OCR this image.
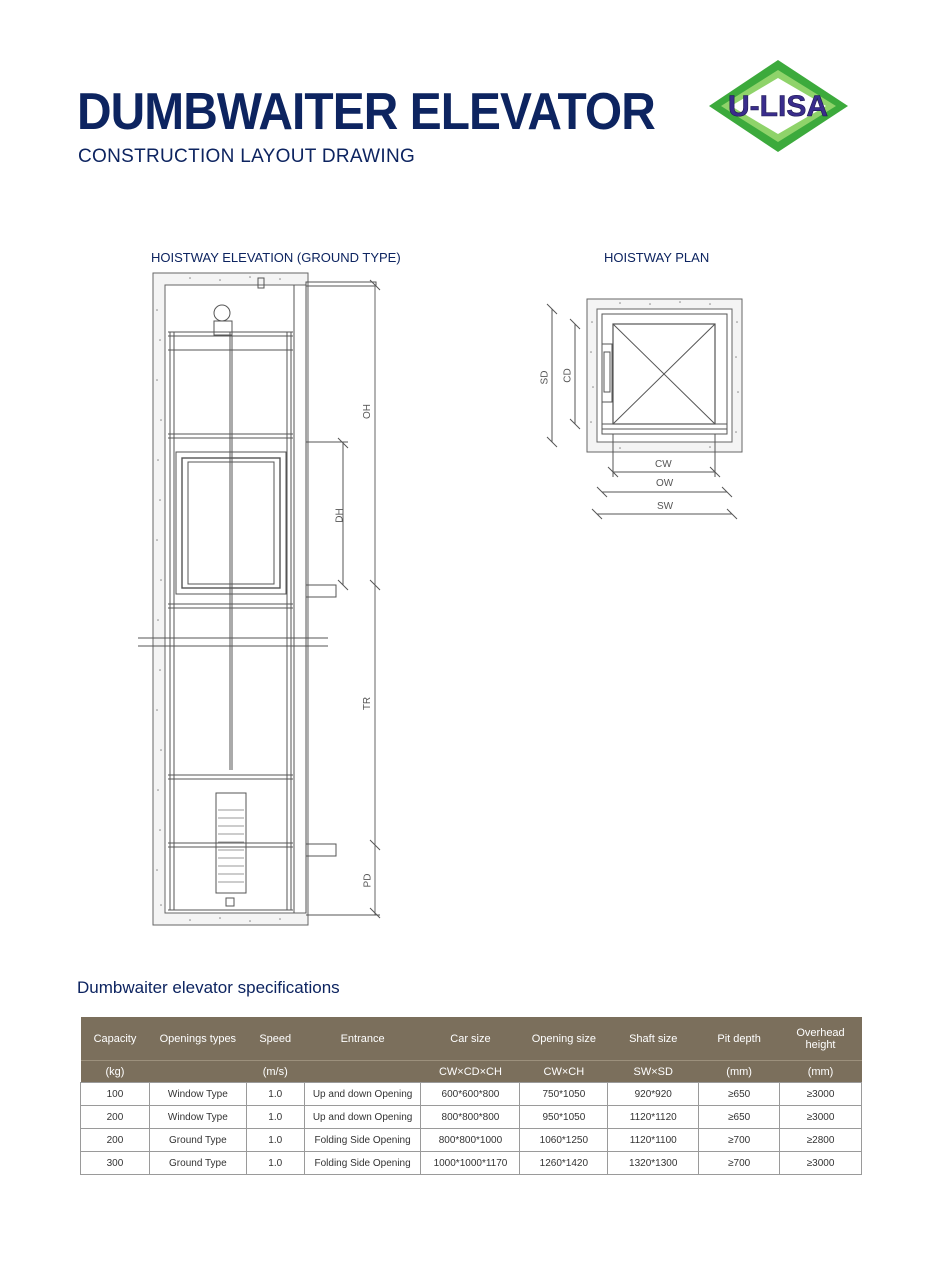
DUMBWAITER ELEVATOR
CONSTRUCTION LAYOUT DRAWING
U-LISA
HOISTWAY ELEVATION (GROUND TYPE)	HOISTWAY PLAN
OH
DH
TR
PD
SD CD
CW
OW
SW
Dumbwaiter elevator specifications
Capacity	Openings types	Speed	Entrance	Car size	Opening size	Shaft size	Pit depth	Overhead height
(kg)		(m/s)		CW×CD×CH	CW×CH	SW×SD	(mm)	(mm)
100	Window Type	1.0	Up and down Opening	600*600*800	750*1050	920*920	≥650	≥3000
200	Window Type	1.0	Up and down Opening	800*800*800	950*1050	1120*1120	≥650	≥3000
200	Ground Type	1.0	Folding Side Opening	800*800*1000	1060*1250	1120*1100	≥700	≥2800
300	Ground Type	1.0	Folding Side Opening	1000*1000*1170	1260*1420	1320*1300	≥700	≥3000
